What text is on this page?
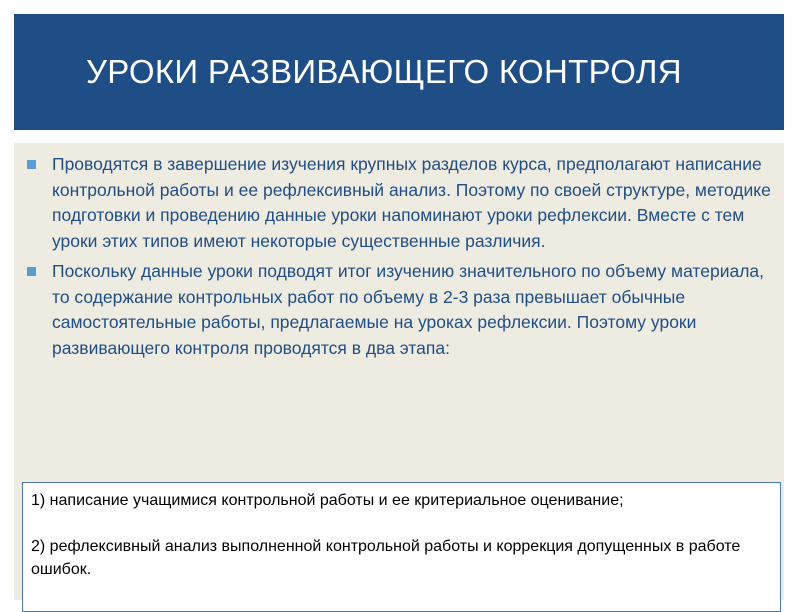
УРОКИ РАЗВИВАЮЩЕГО КОНТРОЛЯ
Проводятся в завершение изучения крупных разделов курса, предполагают написание контрольной работы и ее рефлексивный анализ. Поэтому по своей структуре, методике подготовки и проведению данные уроки напоминают уроки рефлексии. Вместе с тем уроки этих типов имеют некоторые существенные различия.
Поскольку данные уроки подводят итог изучению значительного по объему материала, то содержание контрольных работ по объему в 2-3 раза превышает обычные самостоятельные работы, предлагаемые на уроках рефлексии. Поэтому уроки развивающего контроля проводятся в два этапа:

1) написание учащимися контрольной работы и ее критериальное оценивание;

2) рефлексивный анализ выполненной контрольной работы и коррекция допущенных в работе ошибок.
